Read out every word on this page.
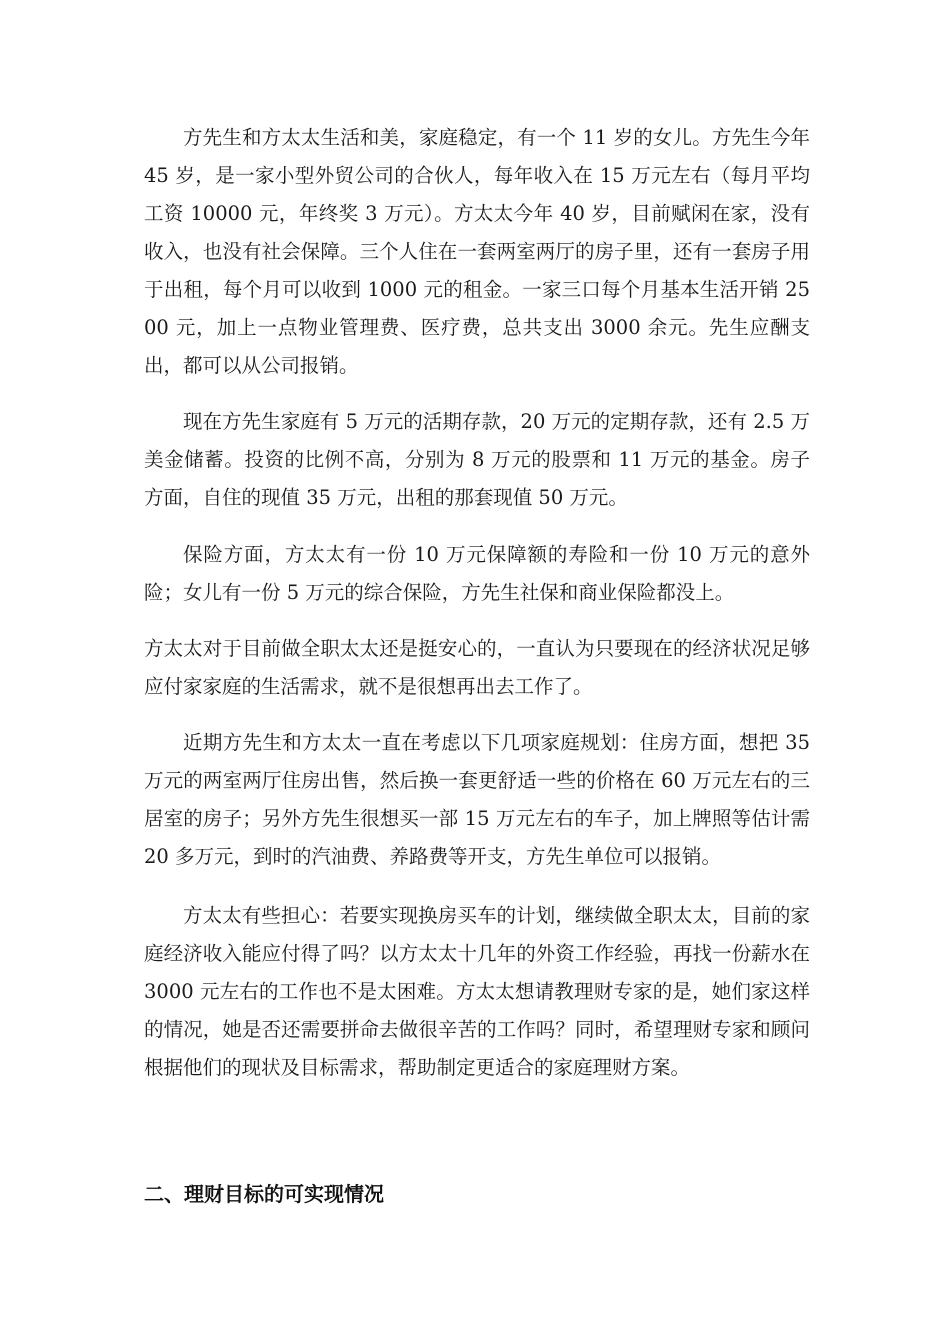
方先生和方太太生活和美，家庭稳定，有一个 11 岁的女儿。方先生今年 45 岁，是一家小型外贸公司的合伙人，每年收入在 15 万元左右（每月平均工资 10000 元，年终奖 3 万元）。方太太今年 40 岁，目前赋闲在家，没有收入，也没有社会保障。三个人住在一套两室两厅的房子里，还有一套房子用于出租，每个月可以收到 1000 元的租金。一家三口每个月基本生活开销 2500 元，加上一点物业管理费、医疗费，总共支出 3000 余元。先生应酬支出，都可以从公司报销。

现在方先生家庭有 5 万元的活期存款，20 万元的定期存款，还有 2.5 万美金储蓄。投资的比例不高，分别为 8 万元的股票和 11 万元的基金。房子方面，自住的现值 35 万元，出租的那套现值 50 万元。

保险方面，方太太有一份 10 万元保障额的寿险和一份 10 万元的意外险；女儿有一份 5 万元的综合保险，方先生社保和商业保险都没上。

方太太对于目前做全职太太还是挺安心的，一直认为只要现在的经济状况足够应付家家庭的生活需求，就不是很想再出去工作了。

近期方先生和方太太一直在考虑以下几项家庭规划：住房方面，想把 35 万元的两室两厅住房出售，然后换一套更舒适一些的价格在 60 万元左右的三居室的房子；另外方先生很想买一部 15 万元左右的车子，加上牌照等估计需 20 多万元，到时的汽油费、养路费等开支，方先生单位可以报销。

方太太有些担心：若要实现换房买车的计划，继续做全职太太，目前的家庭经济收入能应付得了吗？以方太太十几年的外资工作经验，再找一份薪水在 3000 元左右的工作也不是太困难。方太太想请教理财专家的是，她们家这样的情况，她是否还需要拼命去做很辛苦的工作吗？同时，希望理财专家和顾问根据他们的现状及目标需求，帮助制定更适合的家庭理财方案。

二、理财目标的可实现情况
